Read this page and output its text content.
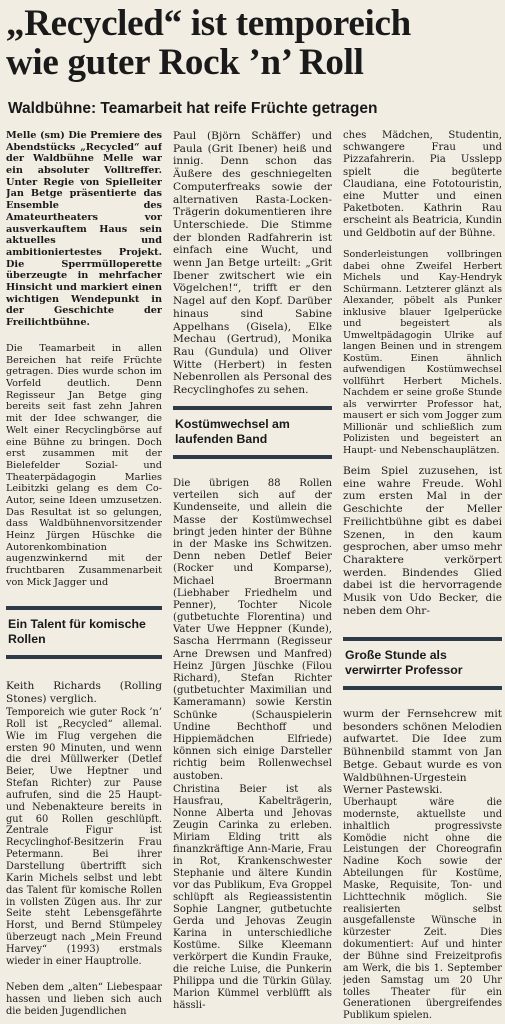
„Recycled“ ist temporeich
wie guter Rock ’n’ Roll
Waldbühne: Teamarbeit hat reife Früchte getragen

Melle (sm) Die Premiere des Abendstücks „Recycled“ auf der Waldbühne Melle war ein absoluter Volltreffer. Unter Regie von Spielleiter Jan Betge präsentierte das Ensemble des Amateurtheaters vor ausverkauftem Haus sein aktuelles und ambitioniertestes Projekt. Die Sperrmülloperette überzeugte in mehrfacher Hinsicht und markiert einen wichtigen Wendepunkt in der Geschichte der Freilichtbühne.

Die Teamarbeit in allen Bereichen hat reife Früchte getragen. Dies wurde schon im Vorfeld deutlich. Denn Regisseur Jan Betge ging bereits seit fast zehn Jahren mit der Idee schwanger, die Welt einer Recyclingbörse auf eine Bühne zu bringen. Doch erst zusammen mit der Bielefelder Sozial- und Theaterpädagogin Marlies Leibitzki gelang es dem Co-Autor, seine Ideen umzusetzen. Das Resultat ist so gelungen, dass Waldbühnenvorsitzender Heinz Jürgen Hüschke die Autorenkombination augenzwinkernd mit der fruchtbaren Zusammenarbeit von Mick Jagger und

Ein Talent für komische Rollen

Keith Richards (Rolling Stones) verglich.

Temporeich wie guter Rock ’n’ Roll ist „Recycled“ allemal. Wie im Flug vergehen die ersten 90 Minuten, und wenn die drei Müllwerker (Detlef Beier, Uwe Heptner und Stefan Richter) zur Pause aufrufen, sind die 25 Haupt- und Nebenakteure bereits in gut 60 Rollen geschlüpft. Zentrale Figur ist Recyclinghof-Besitzerin Frau Petermann. Bei ihrer Darstellung übertrifft sich Karin Michels selbst und lebt das Talent für komische Rollen in vollsten Zügen aus. Ihr zur Seite steht Lebensgefährte Horst, und Bernd Stümpeley überzeugt nach „Mein Freund Harvey“ (1993) erstmals wieder in einer Hauptrolle.

Neben dem „alten“ Liebespaar hassen und lieben sich auch die beiden Jugendlichen

Paul (Björn Schäffer) und Paula (Grit Ibener) heiß und innig. Denn schon das Äußere des geschniegelten Computerfreaks sowie der alternativen Rasta-Locken-Trägerin dokumentieren ihre Unterschiede. Die Stimme der blonden Radfahrerin ist einfach eine Wucht, und wenn Jan Betge urteilt: „Grit Ibener zwitschert wie ein Vögelchen!“, trifft er den Nagel auf den Kopf. Darüber hinaus sind Sabine Appelhans (Gisela), Elke Mechau (Gertrud), Monika Rau (Gundula) und Oliver Witte (Herbert) in festen Nebenrollen als Personal des Recyclinghofes zu sehen.

Kostümwechsel am laufenden Band

Die übrigen 88 Rollen verteilen sich auf der Kundenseite, und allein die Masse der Kostümwechsel bringt jeden hinter der Bühne in der Maske ins Schwitzen. Denn neben Detlef Beier (Rocker und Komparse), Michael Broermann (Liebhaber Friedhelm und Penner), Tochter Nicole (gutbetuchte Florentina) und Vater Uwe Heppner (Kunde), Sascha Herrmann (Regisseur Arne Drewsen und Manfred) Heinz Jürgen Jüschke (Filou Richard), Stefan Richter (gutbetuchter Maximilian und Kameramann) sowie Kerstin Schünke (Schauspielerin Undine Bechthoff und Hippiemädchen Elfriede) können sich einige Darsteller richtig beim Rollenwechsel austoben.

Christina Beier ist als Hausfrau, Kabelträgerin, Nonne Alberta und Jehovas Zeugin Carinka zu erleben. Miriam Elding tritt als finanzkräftige Ann-Marie, Frau in Rot, Krankenschwester Stephanie und ältere Kundin vor das Publikum, Eva Groppel schlüpft als Regieassistentin Sophie Langner, gutbetuchte Gerda und Jehovas Zeugin Karina in unterschiedliche Kostüme. Silke Kleemann verkörpert die Kundin Frauke, die reiche Luise, die Punkerin Philippa und die Türkin Gülay. Marion Kümmel verblüfft als hässli-

ches Mädchen, Studentin, schwangere Frau und Pizzafahrerin. Pia Usslepp spielt die begüterte Claudiana, eine Fototouristin, eine Mutter und einen Paketboten. Kathrin Rau erscheint als Beatricia, Kundin und Geldbotin auf der Bühne.

Sonderleistungen vollbringen dabei ohne Zweifel Herbert Michels und Kay-Hendryk Schürmann. Letzterer glänzt als Alexander, pöbelt als Punker inklusive blauer Igelperücke und begeistert als Umweltpädagogin Ulrike auf langen Beinen und in strengem Kostüm. Einen ähnlich aufwendigen Kostümwechsel vollführt Herbert Michels. Nachdem er seine große Stunde als verwirrter Professor hat, mausert er sich vom Jogger zum Millionär und schließlich zum Polizisten und begeistert an Haupt- und Nebenschauplätzen.

Beim Spiel zuzusehen, ist eine wahre Freude. Wohl zum ersten Mal in der Geschichte der Meller Freilichtbühne gibt es dabei Szenen, in den kaum gesprochen, aber umso mehr Charaktere verkörpert werden. Bindendes Glied dabei ist die hervorragende Musik von Udo Becker, die neben dem Ohr-

Große Stunde als verwirrter Professor

wurm der Fernsehcrew mit besonders schönen Melodien aufwartet. Die Idee zum Bühnenbild stammt von Jan Betge. Gebaut wurde es von Waldbühnen-Urgestein Werner Pastewski.

Überhaupt wäre die modernste, aktuellste und inhaltlich progressivste Komödie nicht ohne die Leistungen der Choreografin Nadine Koch sowie der Abteilungen für Kostüme, Maske, Requisite, Ton- und Lichttechnik möglich. Sie realisierten selbst ausgefallenste Wünsche in kürzester Zeit. Dies dokumentiert: Auf und hinter der Bühne sind Freizeitprofis am Werk, die bis 1. September jeden Samstag um 20 Uhr tolles Theater für ein Generationen übergreifendes Publikum spielen.
